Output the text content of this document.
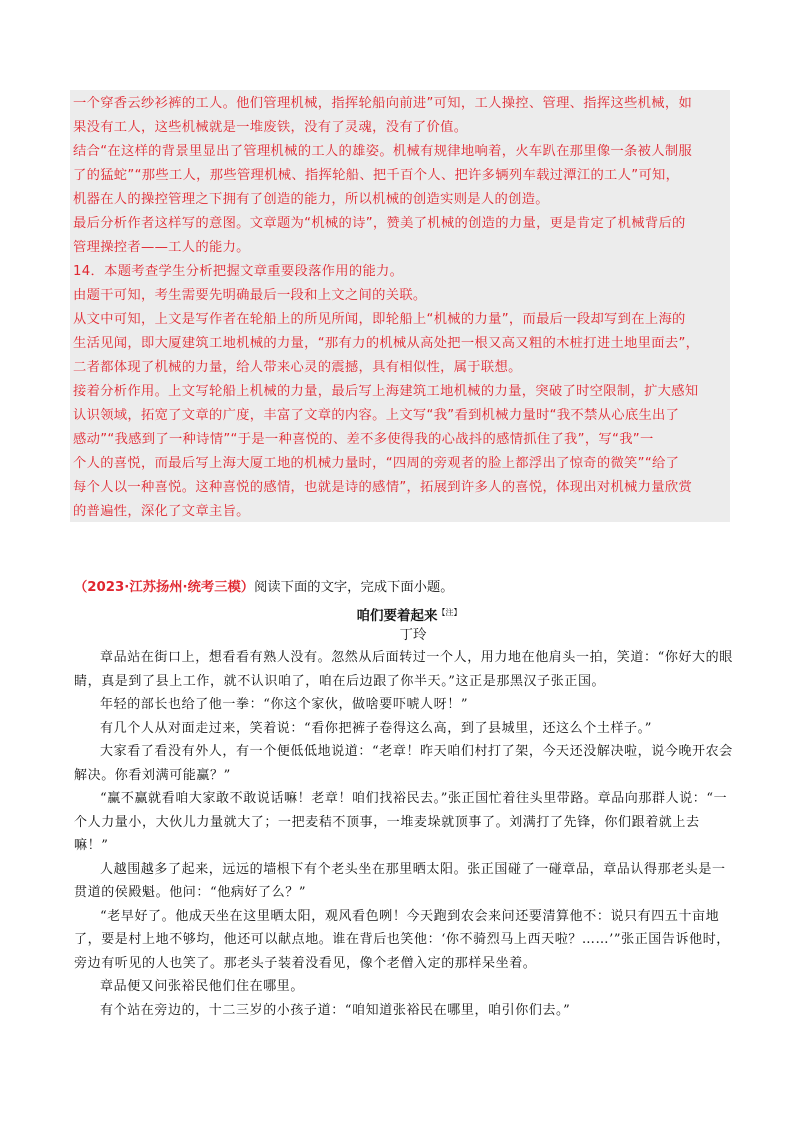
一个穿香云纱衫裤的工人。他们管理机械，指挥轮船向前进”可知，工人操控、管理、指挥这些机械，如
果没有工人，这些机械就是一堆废铁，没有了灵魂，没有了价值。
结合“在这样的背景里显出了管理机械的工人的雄姿。机械有规律地响着，火车趴在那里像一条被人制服
了的猛蛇”“那些工人，那些管理机械、指挥轮船、把千百个人、把许多辆列车载过潭江的工人”可知，
机器在人的操控管理之下拥有了创造的能力，所以机械的创造实则是人的创造。
最后分析作者这样写的意图。文章题为“机械的诗”，赞美了机械的创造的力量，更是肯定了机械背后的
管理操控者——工人的能力。
14．本题考查学生分析把握文章重要段落作用的能力。
由题干可知，考生需要先明确最后一段和上文之间的关联。
从文中可知，上文是写作者在轮船上的所见所闻，即轮船上“机械的力量”，而最后一段却写到在上海的
生活见闻，即大厦建筑工地机械的力量，“那有力的机械从高处把一根又高又粗的木桩打进土地里面去”，
二者都体现了机械的力量，给人带来心灵的震撼，具有相似性，属于联想。
接着分析作用。上文写轮船上机械的力量，最后写上海建筑工地机械的力量，突破了时空限制，扩大感知
认识领域，拓宽了文章的广度，丰富了文章的内容。上文写“我”看到机械力量时“我不禁从心底生出了
感动”“我感到了一种诗情”“于是一种喜悦的、差不多使得我的心战抖的感情抓住了我”，写“我”一
个人的喜悦，而最后写上海大厦工地的机械力量时，“四周的旁观者的脸上都浮出了惊奇的微笑”“给了
每个人以一种喜悦。这种喜悦的感情，也就是诗的感情”，拓展到许多人的喜悦，体现出对机械力量欣赏
的普遍性，深化了文章主旨。
（2023·江苏扬州·统考三模）阅读下面的文字，完成下面小题。
咱们要着起来$^{【注】}$
丁玲

章品站在街口上，想看看有熟人没有。忽然从后面转过一个人，用力地在他肩头一拍，笑道：“你好大的眼睛，真是到了县上工作，就不认识咱了，咱在后边跟了你半天。”这正是那黑汉子张正国。

年轻的部长也给了他一拳：“你这个家伙，做啥要吓唬人呀！”

有几个人从对面走过来，笑着说：“看你把裤子卷得这么高，到了县城里，还这么个土样子。”

大家看了看没有外人，有一个便低低地说道：“老章！昨天咱们村打了架，今天还没解决啦，说今晚开农会解决。你看刘满可能赢？”

“赢不赢就看咱大家敢不敢说话嘛！老章！咱们找裕民去。”张正国忙着往头里带路。章品向那群人说：“一个人力量小，大伙儿力量就大了；一把麦秸不顶事，一堆麦垛就顶事了。刘满打了先锋，你们跟着就上去嘛！”

人越围越多了起来，远远的墙根下有个老头坐在那里晒太阳。张正国碰了一碰章品，章品认得那老头是一贯道的侯殿魁。他问：“他病好了么？”

“老早好了。他成天坐在这里晒太阳，观风看色咧！今天跑到农会来问还要清算他不：说只有四五十亩地了，要是村上地不够均，他还可以献点地。谁在背后也笑他：‘你不骑烈马上西天啦？……’”张正国告诉他时，旁边有听见的人也笑了。那老头子装着没看见，像个老僧入定的那样呆坐着。

章品便又问张裕民他们住在哪里。

有个站在旁边的，十二三岁的小孩子道：“咱知道张裕民在哪里，咱引你们去。”
